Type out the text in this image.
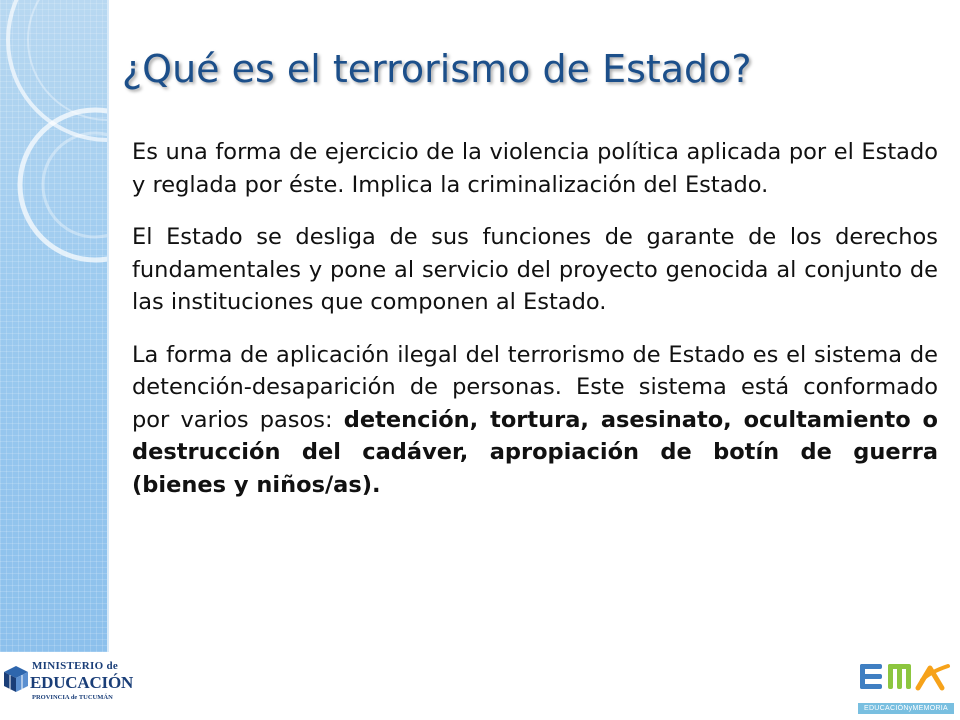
¿Qué es el terrorismo de Estado?

Es una forma de ejercicio de la violencia política aplicada por el Estado y reglada por éste. Implica la criminalización del Estado.

El Estado se desliga de sus funciones de garante de los derechos fundamentales y pone al servicio del proyecto genocida al conjunto de las instituciones que componen al Estado.

La forma de aplicación ilegal del terrorismo de Estado es el sistema de detención-desaparición de personas. Este sistema está conformado por varios pasos: detención, tortura, asesinato, ocultamiento o destrucción del cadáver, apropiación de botín de guerra (bienes y niños/as).

MINISTERIO de
EDUCACIÓN
PROVINCIA de TUCUMÁN
EDUCACIÓNyMEMORIA
